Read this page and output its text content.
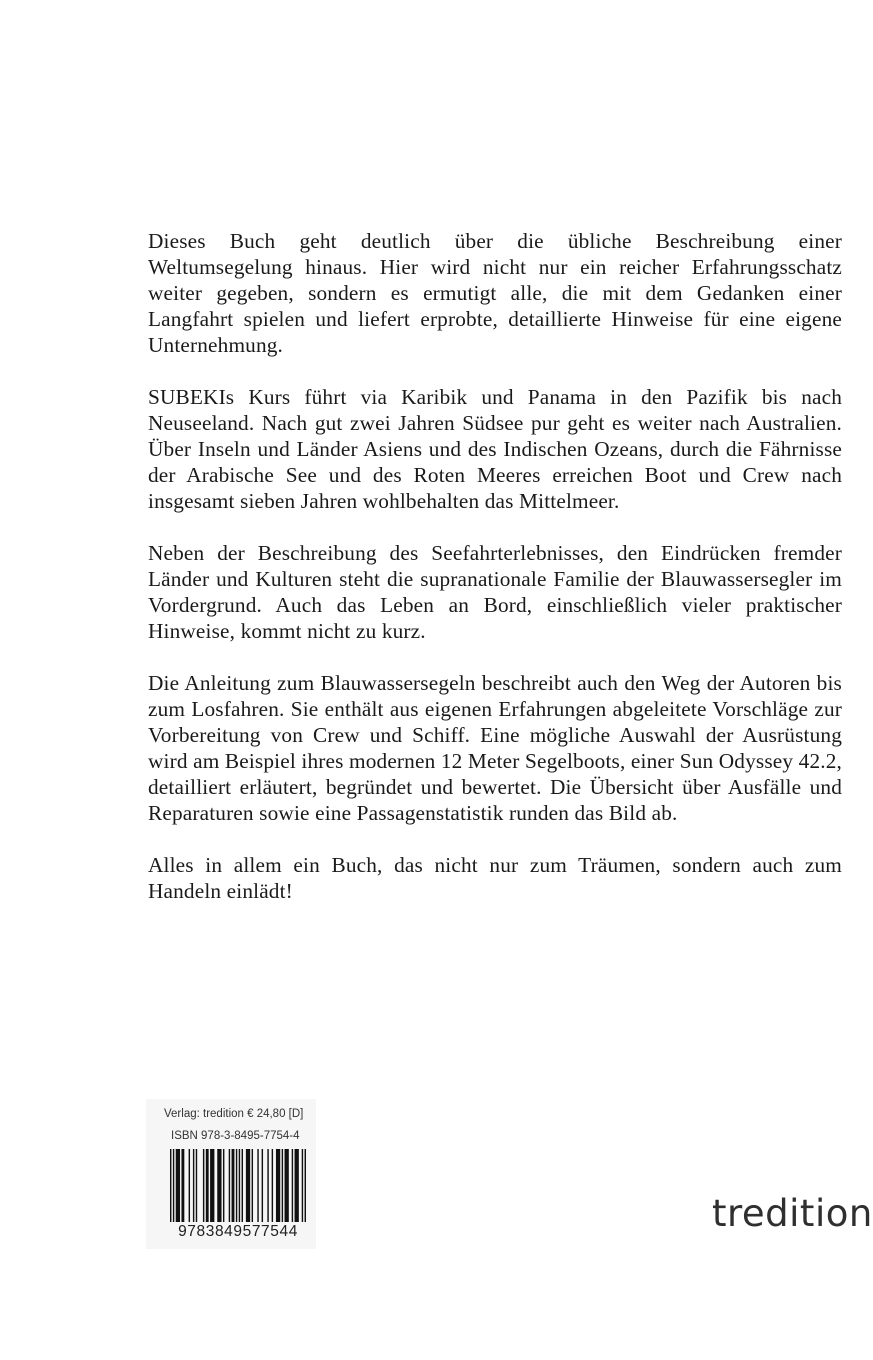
Dieses Buch geht deutlich über die übliche Beschreibung einer Weltumsegelung hinaus. Hier wird nicht nur ein reicher Erfahrungsschatz weiter gegeben, sondern es ermutigt alle, die mit dem Gedanken einer Langfahrt spielen und liefert erprobte, detaillierte Hinweise für eine eigene Unternehmung.

SUBEKIs Kurs führt via Karibik und Panama in den Pazifik bis nach Neuseeland. Nach gut zwei Jahren Südsee pur geht es weiter nach Australien. Über Inseln und Länder Asiens und des Indischen Ozeans, durch die Fährnisse der Arabische See und des Roten Meeres erreichen Boot und Crew nach insgesamt sieben Jahren wohlbehalten das Mittelmeer.

Neben der Beschreibung des Seefahrterlebnisses, den Eindrücken fremder Länder und Kulturen steht die supranationale Familie der Blauwassersegler im Vordergrund. Auch das Leben an Bord, einschließlich vieler praktischer Hinweise, kommt nicht zu kurz.

Die Anleitung zum Blauwassersegeln beschreibt auch den Weg der Autoren bis zum Losfahren. Sie enthält aus eigenen Erfahrungen abgeleitete Vorschläge zur Vorbereitung von Crew und Schiff. Eine mögliche Auswahl der Ausrüstung wird am Beispiel ihres modernen 12 Meter Segelboots, einer Sun Odyssey 42.2, detailliert erläutert, begründet und bewertet. Die Übersicht über Ausfälle und Reparaturen sowie eine Passagenstatistik runden das Bild ab.

Alles in allem ein Buch, das nicht nur zum Träumen, sondern auch zum Handeln einlädt!

Verlag: tredition € 24,80 [D]
ISBN 978-3-8495-7754-4
9783849577544	tredition
